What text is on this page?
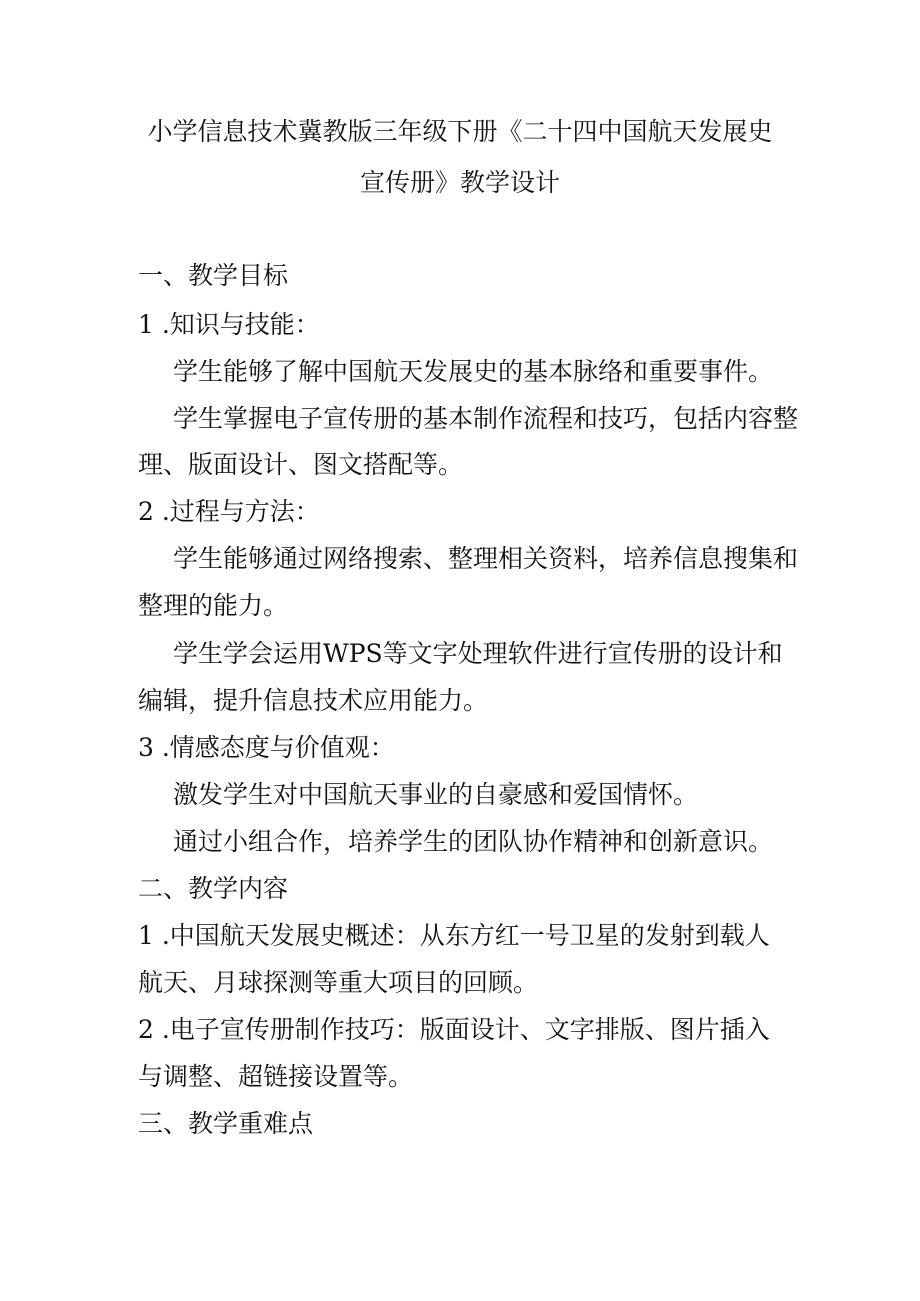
小学信息技术冀教版三年级下册《二十四中国航天发展史
宣传册》教学设计
一、教学目标
1 .知识与技能：
学生能够了解中国航天发展史的基本脉络和重要事件。
学生掌握电子宣传册的基本制作流程和技巧，包括内容整
理、版面设计、图文搭配等。
2 .过程与方法：
学生能够通过网络搜索、整理相关资料，培养信息搜集和
整理的能力。
学生学会运用WPS等文字处理软件进行宣传册的设计和
编辑，提升信息技术应用能力。
3 .情感态度与价值观：
激发学生对中国航天事业的自豪感和爱国情怀。
通过小组合作，培养学生的团队协作精神和创新意识。
二、教学内容
1 .中国航天发展史概述：从东方红一号卫星的发射到载人
航天、月球探测等重大项目的回顾。
2 .电子宣传册制作技巧：版面设计、文字排版、图片插入
与调整、超链接设置等。
三、教学重难点
